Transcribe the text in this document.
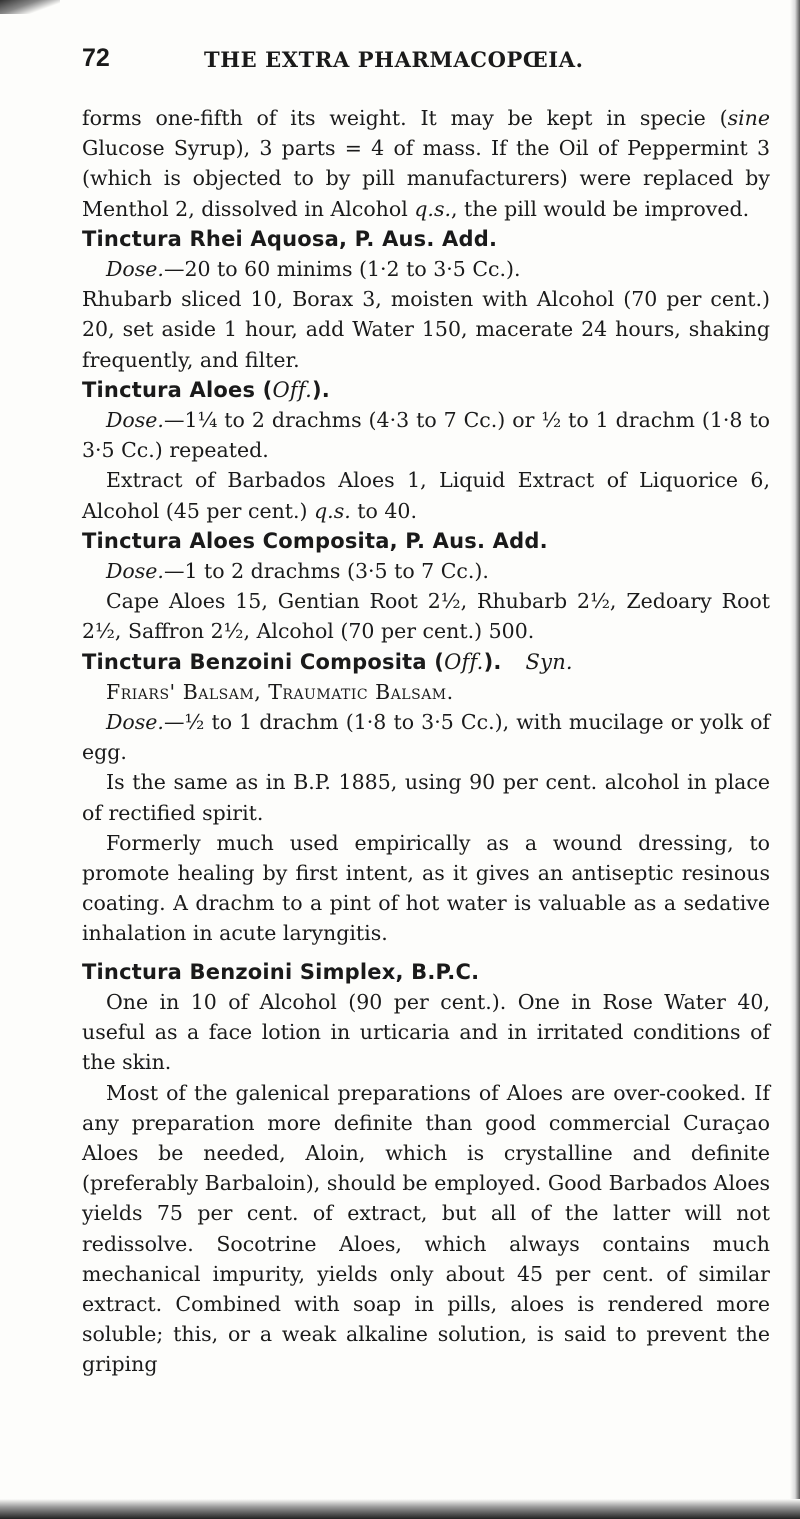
72	THE EXTRA PHARMACOPŒIA.

forms one-fifth of its weight. It may be kept in specie (sine Glucose Syrup), 3 parts = 4 of mass. If the Oil of Peppermint 3 (which is objected to by pill manufacturers) were replaced by Menthol 2, dissolved in Alcohol q.s., the pill would be improved.

Tinctura Rhei Aquosa, P. Aus. Add.

Dose.—20 to 60 minims (1·2 to 3·5 Cc.).

Rhubarb sliced 10, Borax 3, moisten with Alcohol (70 per cent.) 20, set aside 1 hour, add Water 150, macerate 24 hours, shaking frequently, and filter.

Tinctura Aloes (Off.).

Dose.—1¼ to 2 drachms (4·3 to 7 Cc.) or ½ to 1 drachm (1·8 to 3·5 Cc.) repeated.

Extract of Barbados Aloes 1, Liquid Extract of Liquorice 6, Alcohol (45 per cent.) q.s. to 40.

Tinctura Aloes Composita, P. Aus. Add.

Dose.—1 to 2 drachms (3·5 to 7 Cc.).

Cape Aloes 15, Gentian Root 2½, Rhubarb 2½, Zedoary Root 2½, Saffron 2½, Alcohol (70 per cent.) 500.

Tinctura Benzoini Composita (Off.). Syn.

Friars' Balsam, Traumatic Balsam.

Dose.—½ to 1 drachm (1·8 to 3·5 Cc.), with mucilage or yolk of egg.

Is the same as in B.P. 1885, using 90 per cent. alcohol in place of rectified spirit.

Formerly much used empirically as a wound dressing, to promote healing by first intent, as it gives an antiseptic resinous coating. A drachm to a pint of hot water is valuable as a sedative inhalation in acute laryngitis.

Tinctura Benzoini Simplex, B.P.C.

One in 10 of Alcohol (90 per cent.). One in Rose Water 40, useful as a face lotion in urticaria and in irritated conditions of the skin.

Most of the galenical preparations of Aloes are over-cooked. If any preparation more definite than good commercial Curaçao Aloes be needed, Aloin, which is crystalline and definite (preferably Barbaloin), should be employed. Good Barbados Aloes yields 75 per cent. of extract, but all of the latter will not redissolve. Socotrine Aloes, which always contains much mechanical impurity, yields only about 45 per cent. of similar extract. Combined with soap in pills, aloes is rendered more soluble; this, or a weak alkaline solution, is said to prevent the griping
